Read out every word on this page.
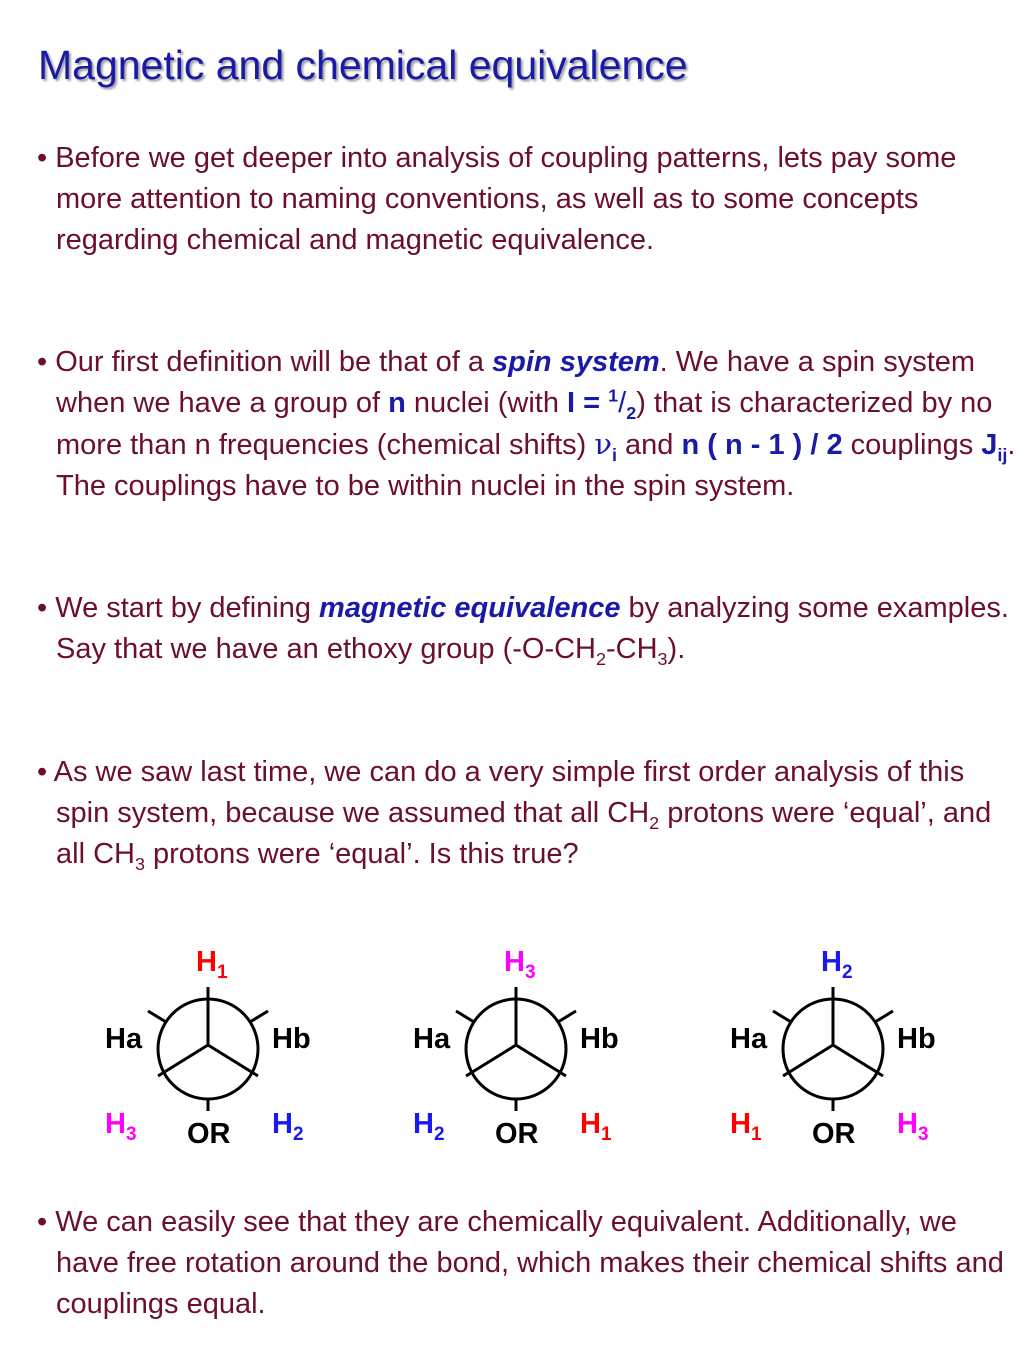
Magnetic and chemical equivalence

• Before we get deeper into analysis of coupling patterns, lets pay some more attention to naming conventions, as well as to some concepts regarding chemical and magnetic equivalence.

• Our first definition will be that of a spin system. We have a spin system when we have a group of n nuclei (with $I = ^1/_2$) that is characterized by no more than n frequencies (chemical shifts) $\nu_i$ and n ( n - 1 ) / 2 couplings $J_{ij}$. The couplings have to be within nuclei in the spin system.

• We start by defining magnetic equivalence by analyzing some examples. Say that we have an ethoxy group $(-O-CH_2-CH_3)$.

• As we saw last time, we can do a very simple first order analysis of this spin system, because we assumed that all $CH_2$ protons were ‘equal’, and all $CH_3$ protons were ‘equal’. Is this true?

$H_1$
Ha	Hb
$H_3$	$H_2$
OR
$H_3$
Ha	Hb
$H_2$	$H_1$
OR
$H_2$
Ha	Hb
$H_1$	$H_3$
OR

• We can easily see that they are chemically equivalent. Additionally, we have free rotation around the bond, which makes their chemical shifts and couplings equal.
